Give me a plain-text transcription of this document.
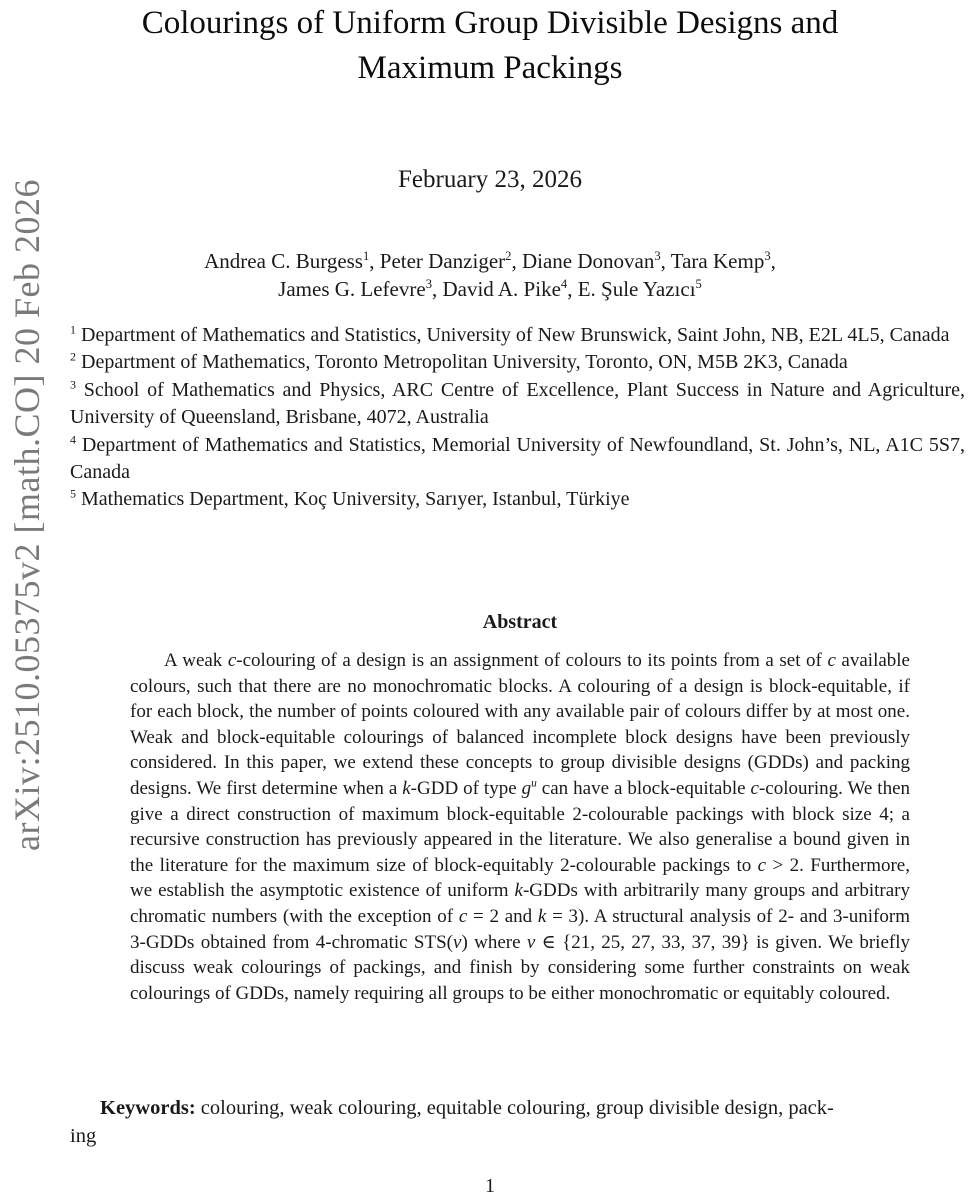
arXiv:2510.05375v2 [math.CO] 20 Feb 2026
Colourings of Uniform Group Divisible Designs and
Maximum Packings
February 23, 2026
Andrea C. Burgess$^1$, Peter Danziger$^2$, Diane Donovan$^3$, Tara Kemp$^3$,
James G. Lefevre$^3$, David A. Pike$^4$, E. Şule Yazıcı$^5$
$^1$ Department of Mathematics and Statistics, University of New Brunswick, Saint John, NB, E2L 4L5, Canada
$^2$ Department of Mathematics, Toronto Metropolitan University, Toronto, ON, M5B 2K3, Canada
$^3$ School of Mathematics and Physics, ARC Centre of Excellence, Plant Success in Nature and Agriculture, University of Queensland, Brisbane, 4072, Australia
$^4$ Department of Mathematics and Statistics, Memorial University of Newfoundland, St. John’s, NL, A1C 5S7, Canada
$^5$ Mathematics Department, Koç University, Sarıyer, Istanbul, Türkiye
Abstract

A weak c-colouring of a design is an assignment of colours to its points from a set of c available colours, such that there are no monochromatic blocks. A colouring of a design is block-equitable, if for each block, the number of points coloured with any available pair of colours differ by at most one. Weak and block-equitable colourings of balanced incomplete block designs have been previously considered. In this paper, we extend these concepts to group divisible designs (GDDs) and packing designs. We first determine when a k-GDD of type $g^u$ can have a block-equitable c-colouring. We then give a direct construction of maximum block-equitable 2-colourable packings with block size 4; a recursive construction has previously appeared in the literature. We also generalise a bound given in the literature for the maximum size of block-equitably 2-colourable packings to c > 2. Furthermore, we establish the asymptotic existence of uniform k-GDDs with arbitrarily many groups and arbitrary chromatic numbers (with the exception of c = 2 and k = 3). A structural analysis of 2- and 3-uniform 3-GDDs obtained from 4-chromatic STS(v) where v ∈ {21, 25, 27, 33, 37, 39} is given. We briefly discuss weak colourings of packings, and finish by considering some further constraints on weak colourings of GDDs, namely requiring all groups to be either monochromatic or equitably coloured.

Keywords: colouring, weak colouring, equitable colouring, group divisible design, pack-
ing
1
